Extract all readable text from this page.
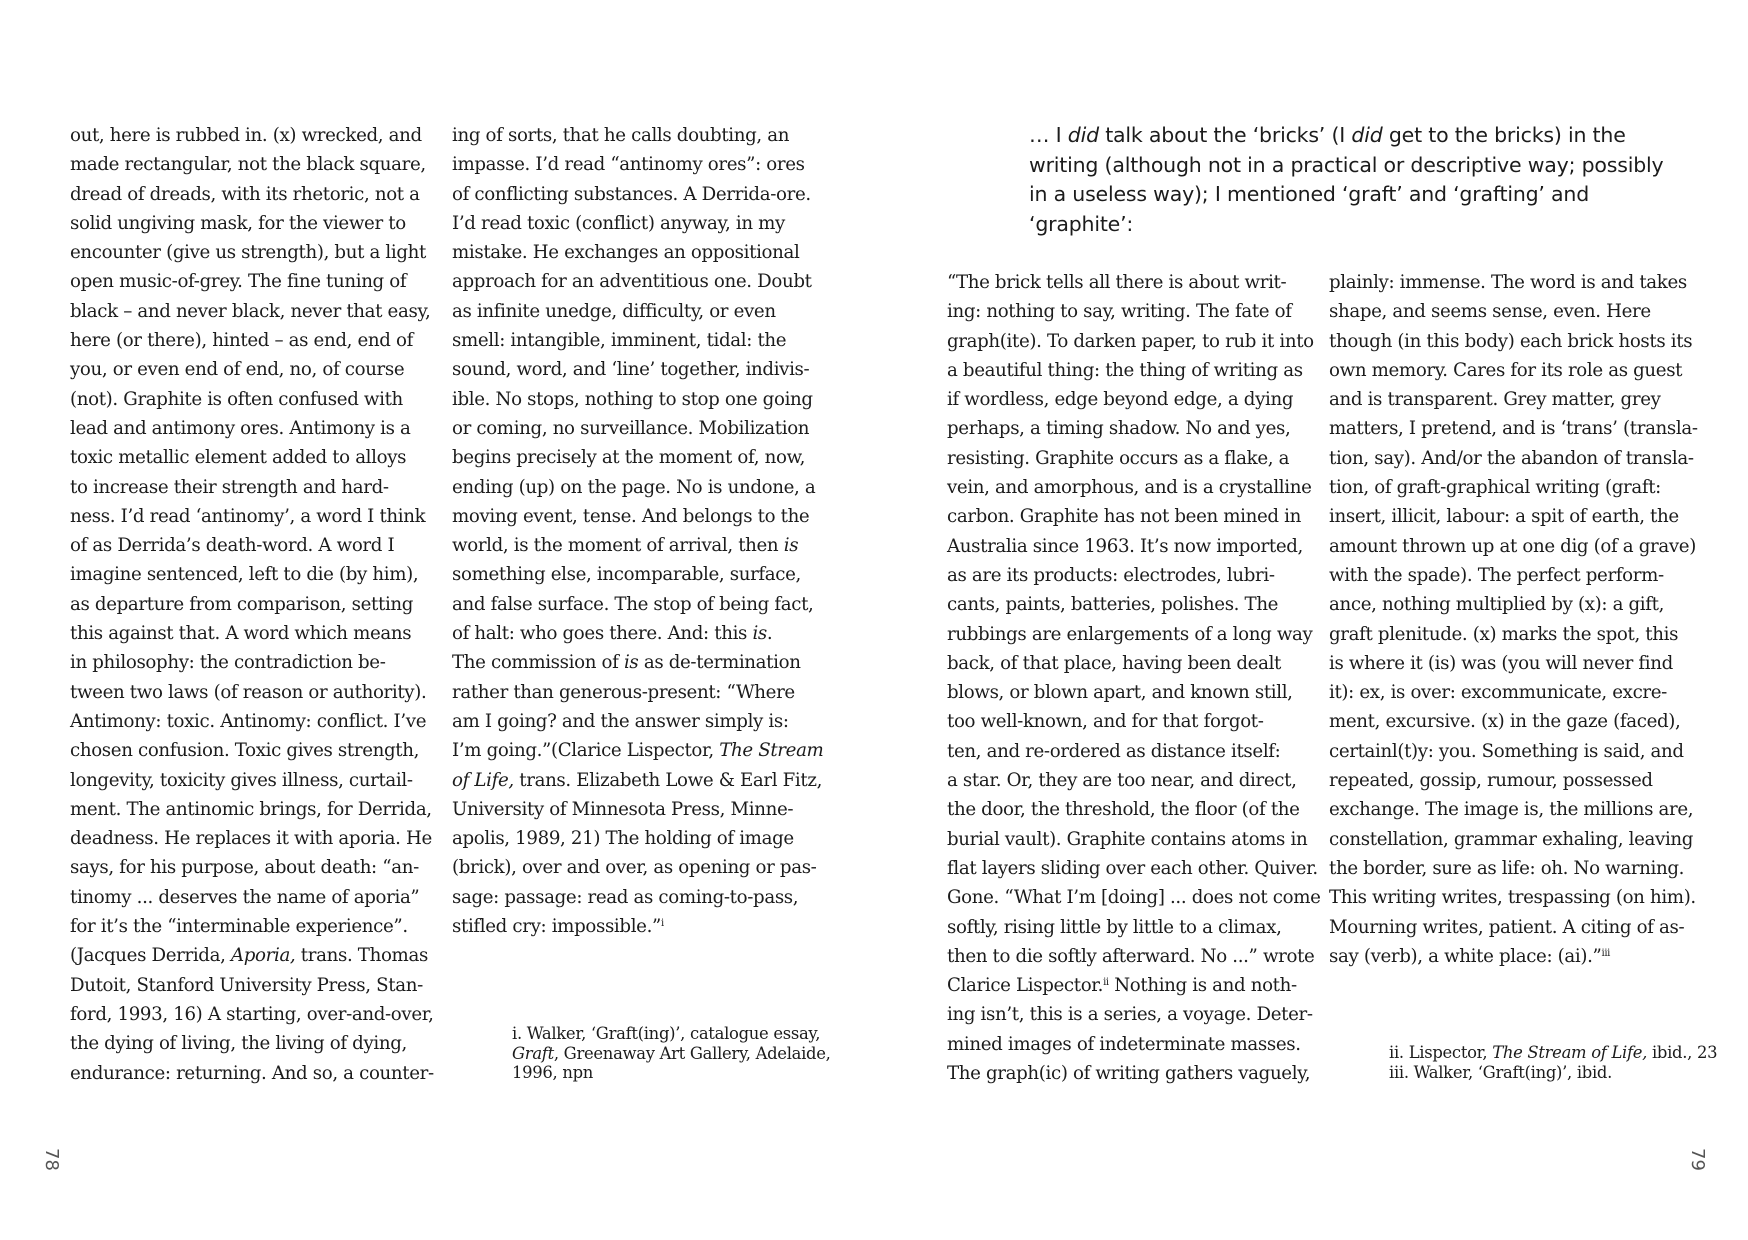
out, here is rubbed in. (x) wrecked, and
made rectangular, not the black square,
dread of dreads, with its rhetoric, not a
solid ungiving mask, for the viewer to
encounter (give us strength), but a light
open music-of-grey. The fine tuning of
black – and never black, never that easy,
here (or there), hinted – as end, end of
you, or even end of end, no, of course
(not). Graphite is often confused with
lead and antimony ores. Antimony is a
toxic metallic element added to alloys
to increase their strength and hard-
ness. I’d read ‘antinomy’, a word I think
of as Derrida’s death-word. A word I
imagine sentenced, left to die (by him),
as departure from comparison, setting
this against that. A word which means
in philosophy: the contradiction be-
tween two laws (of reason or authority).
Antimony: toxic. Antinomy: conflict. I’ve
chosen confusion. Toxic gives strength,
longevity, toxicity gives illness, curtail-
ment. The antinomic brings, for Derrida,
deadness. He replaces it with aporia. He
says, for his purpose, about death: “an-
tinomy ... deserves the name of aporia”
for it’s the “interminable experience”.
(Jacques Derrida, Aporia, trans. Thomas
Dutoit, Stanford University Press, Stan-
ford, 1993, 16) A starting, over-and-over,
the dying of living, the living of dying,
endurance: returning. And so, a counter-
ing of sorts, that he calls doubting, an
impasse. I’d read “antinomy ores”: ores
of conflicting substances. A Derrida-ore.
I’d read toxic (conflict) anyway, in my
mistake. He exchanges an oppositional
approach for an adventitious one. Doubt
as infinite unedge, difficulty, or even
smell: intangible, imminent, tidal: the
sound, word, and ‘line’ together, indivis-
ible. No stops, nothing to stop one going
or coming, no surveillance. Mobilization
begins precisely at the moment of, now,
ending (up) on the page. No is undone, a
moving event, tense. And belongs to the
world, is the moment of arrival, then is
something else, incomparable, surface,
and false surface. The stop of being fact,
of halt: who goes there. And: this is.
The commission of is as de-termination
rather than generous-present: “Where
am I going? and the answer simply is:
I’m going.”(Clarice Lispector, The Stream
of Life, trans. Elizabeth Lowe & Earl Fitz,
University of Minnesota Press, Minne-
apolis, 1989, 21) The holding of image
(brick), over and over, as opening or pas-
sage: passage: read as coming-to-pass,
stifled cry: impossible.”$^i$
i. Walker, ‘Graft(ing)’, catalogue essay,
Graft, Greenaway Art Gallery, Adelaide,
1996, npn
78
… I did talk about the ‘bricks’ (I did get to the bricks) in the
writing (although not in a practical or descriptive way; possibly
in a useless way); I mentioned ‘graft’ and ‘grafting’ and
‘graphite’:
“The brick tells all there is about writ-
ing: nothing to say, writing. The fate of
graph(ite). To darken paper, to rub it into
a beautiful thing: the thing of writing as
if wordless, edge beyond edge, a dying
perhaps, a timing shadow. No and yes,
resisting. Graphite occurs as a flake, a
vein, and amorphous, and is a crystalline
carbon. Graphite has not been mined in
Australia since 1963. It’s now imported,
as are its products: electrodes, lubri-
cants, paints, batteries, polishes. The
rubbings are enlargements of a long way
back, of that place, having been dealt
blows, or blown apart, and known still,
too well-known, and for that forgot-
ten, and re-ordered as distance itself:
a star. Or, they are too near, and direct,
the door, the threshold, the floor (of the
burial vault). Graphite contains atoms in
flat layers sliding over each other. Quiver.
Gone. “What I’m [doing] ... does not come
softly, rising little by little to a climax,
then to die softly afterward. No ...” wrote
Clarice Lispector.$^{ii}$ Nothing is and noth-
ing isn’t, this is a series, a voyage. Deter-
mined images of indeterminate masses.
The graph(ic) of writing gathers vaguely,
plainly: immense. The word is and takes
shape, and seems sense, even. Here
though (in this body) each brick hosts its
own memory. Cares for its role as guest
and is transparent. Grey matter, grey
matters, I pretend, and is ‘trans’ (transla-
tion, say). And/or the abandon of transla-
tion, of graft-graphical writing (graft:
insert, illicit, labour: a spit of earth, the
amount thrown up at one dig (of a grave)
with the spade). The perfect perform-
ance, nothing multiplied by (x): a gift,
graft plenitude. (x) marks the spot, this
is where it (is) was (you will never find
it): ex, is over: excommunicate, excre-
ment, excursive. (x) in the gaze (faced),
certainl(t)y: you. Something is said, and
repeated, gossip, rumour, possessed
exchange. The image is, the millions are,
constellation, grammar exhaling, leaving
the border, sure as life: oh. No warning.
This writing writes, trespassing (on him).
Mourning writes, patient. A citing of as-
say (verb), a white place: (ai).”$^{iii}$
ii. Lispector, The Stream of Life, ibid., 23
iii. Walker, ‘Graft(ing)’, ibid.
79
